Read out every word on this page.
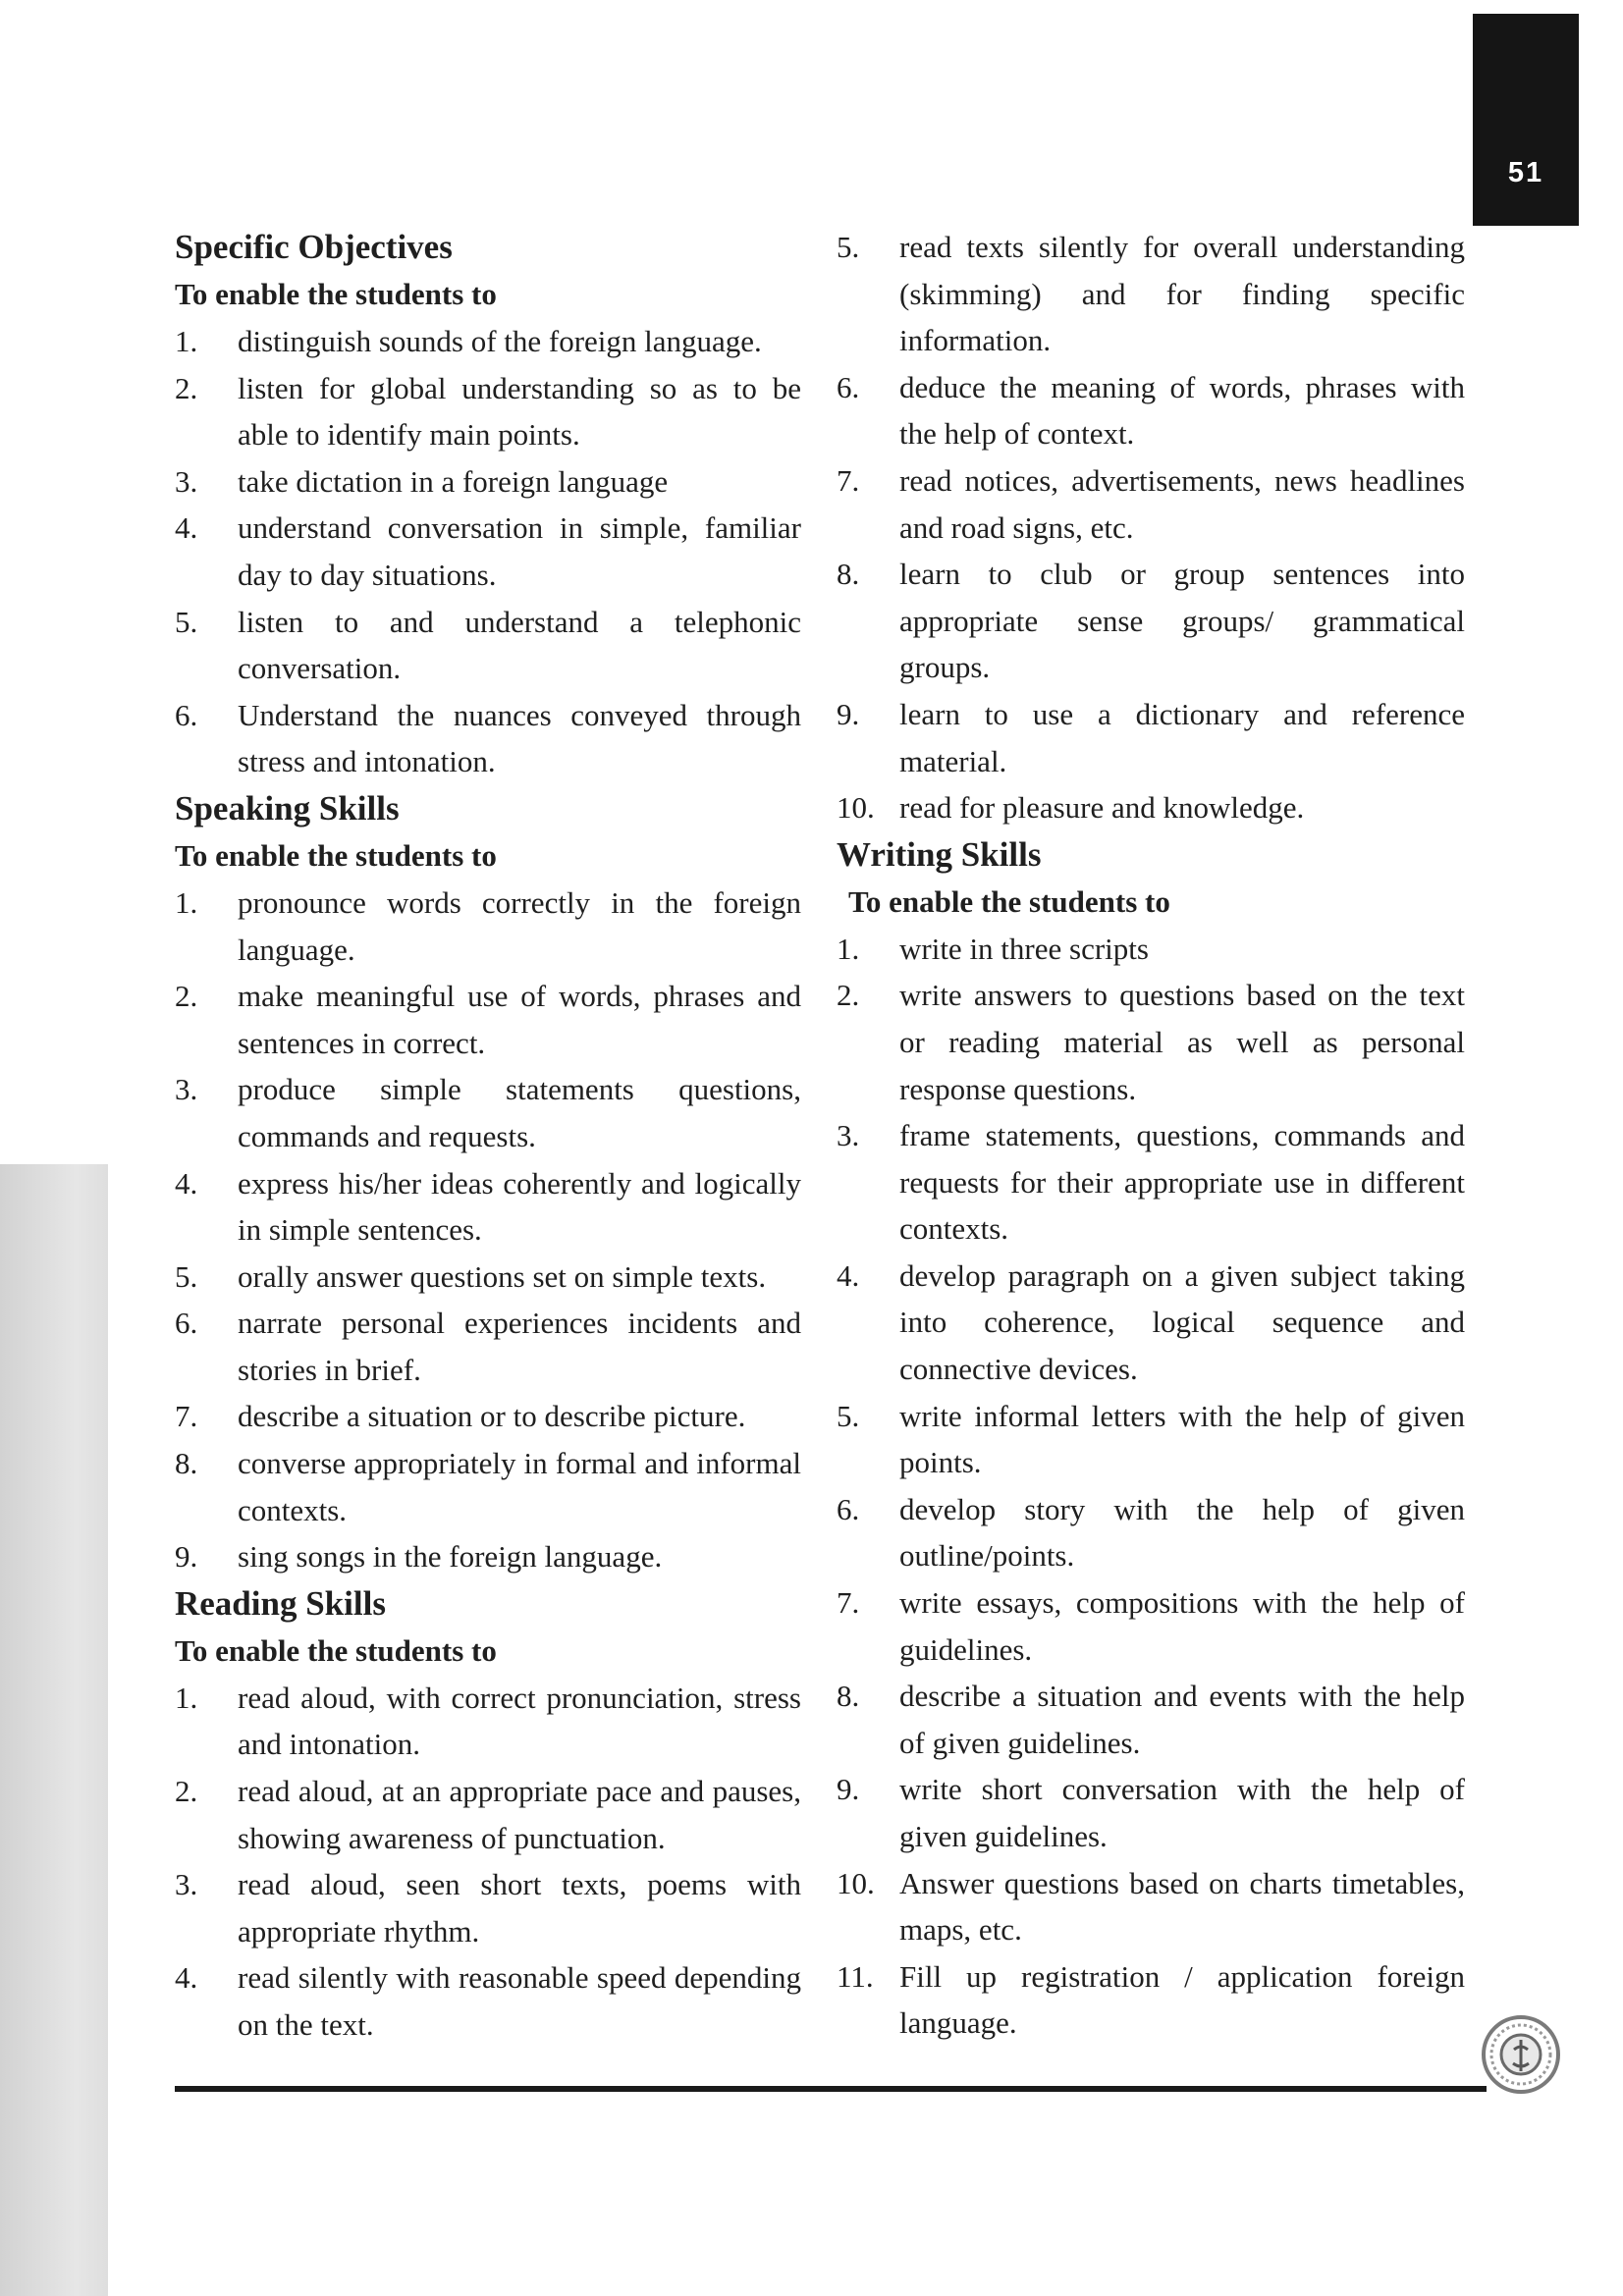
51
Specific Objectives
To enable the students to
1. distinguish sounds of the foreign language.
2. listen for global understanding so as to be able to identify main points.
3. take dictation in a foreign language
4. understand conversation in simple, familiar day to day situations.
5. listen to and understand a telephonic conversation.
6. Understand the nuances conveyed through stress and intonation.
Speaking Skills
To enable the students to
1. pronounce words correctly in the foreign language.
2. make meaningful use of words, phrases and sentences in correct.
3. produce simple statements questions, commands and requests.
4. express his/her ideas coherently and logically in simple sentences.
5. orally answer questions set on simple texts.
6. narrate personal experiences incidents and stories in brief.
7. describe a situation or to describe picture.
8. converse appropriately in formal and informal contexts.
9. sing songs in the foreign language.
Reading Skills
To enable the students to
1. read aloud, with correct pronunciation, stress and intonation.
2. read aloud, at an appropriate pace and pauses, showing awareness of punctuation.
3. read aloud, seen short texts, poems with appropriate rhythm.
4. read silently with reasonable speed depending on the text.
5. read texts silently for overall understanding (skimming) and for finding specific information.
6. deduce the meaning of words, phrases with the help of context.
7. read notices, advertisements, news headlines and road signs, etc.
8. learn to club or group sentences into appropriate sense groups/ grammatical groups.
9. learn to use a dictionary and reference material.
10. read for pleasure and knowledge.
Writing Skills
To enable the students to
1. write in three scripts
2. write answers to questions based on the text or reading material as well as personal response questions.
3. frame statements, questions, commands and requests for their appropriate use in different contexts.
4. develop paragraph on a given subject taking into coherence, logical sequence and connective devices.
5. write informal letters with the help of given points.
6. develop story with the help of given outline/points.
7. write essays, compositions with the help of guidelines.
8. describe a situation and events with the help of given guidelines.
9. write short conversation with the help of given guidelines.
10. Answer questions based on charts timetables, maps, etc.
11. Fill up registration / application foreign language.
